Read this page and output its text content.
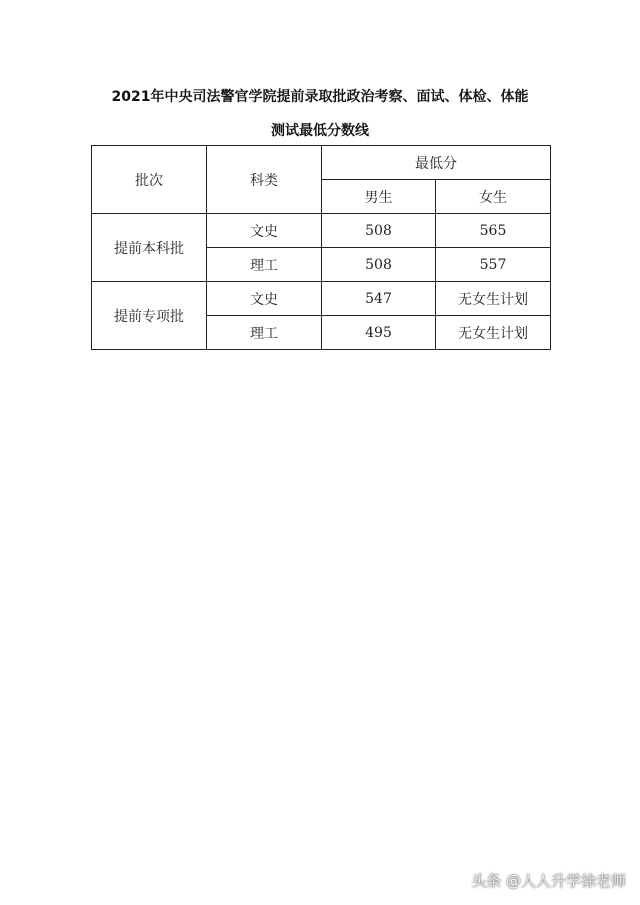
2021年中央司法警官学院提前录取批政治考察、面试、体检、体能
测试最低分数线
批次	科类	最低分	
		男生	女生
提前本科批	文史	508	565
	理工	508	557
提前专项批	文史	547	无女生计划
	理工	495	无女生计划
头条 @人人升学徐老师
